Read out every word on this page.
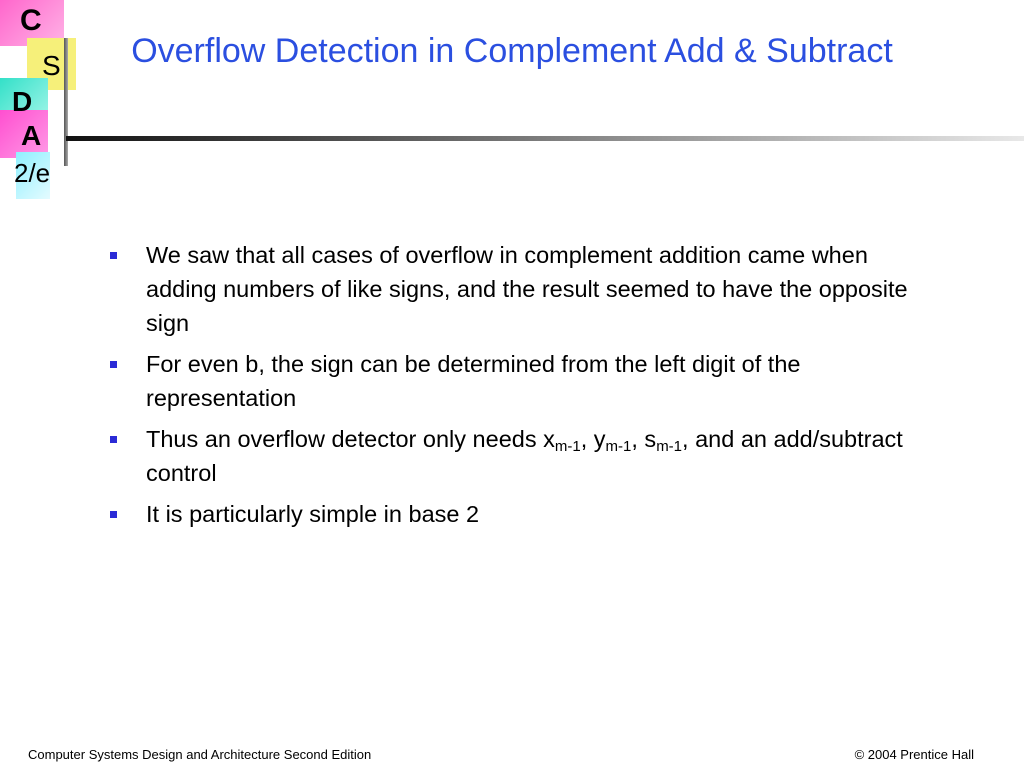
C
S
D
A
2/e
Overflow Detection in Complement Add & Subtract
We saw that all cases of overflow in complement addition came when adding numbers of like signs, and the result seemed to have the opposite sign
For even b, the sign can be determined from the left digit of the representation
Thus an overflow detector only needs $x_{m-1}$, $y_{m-1}$, $s_{m-1}$, and an add/subtract control
It is particularly simple in base 2
Computer Systems Design and Architecture Second Edition	© 2004 Prentice Hall
